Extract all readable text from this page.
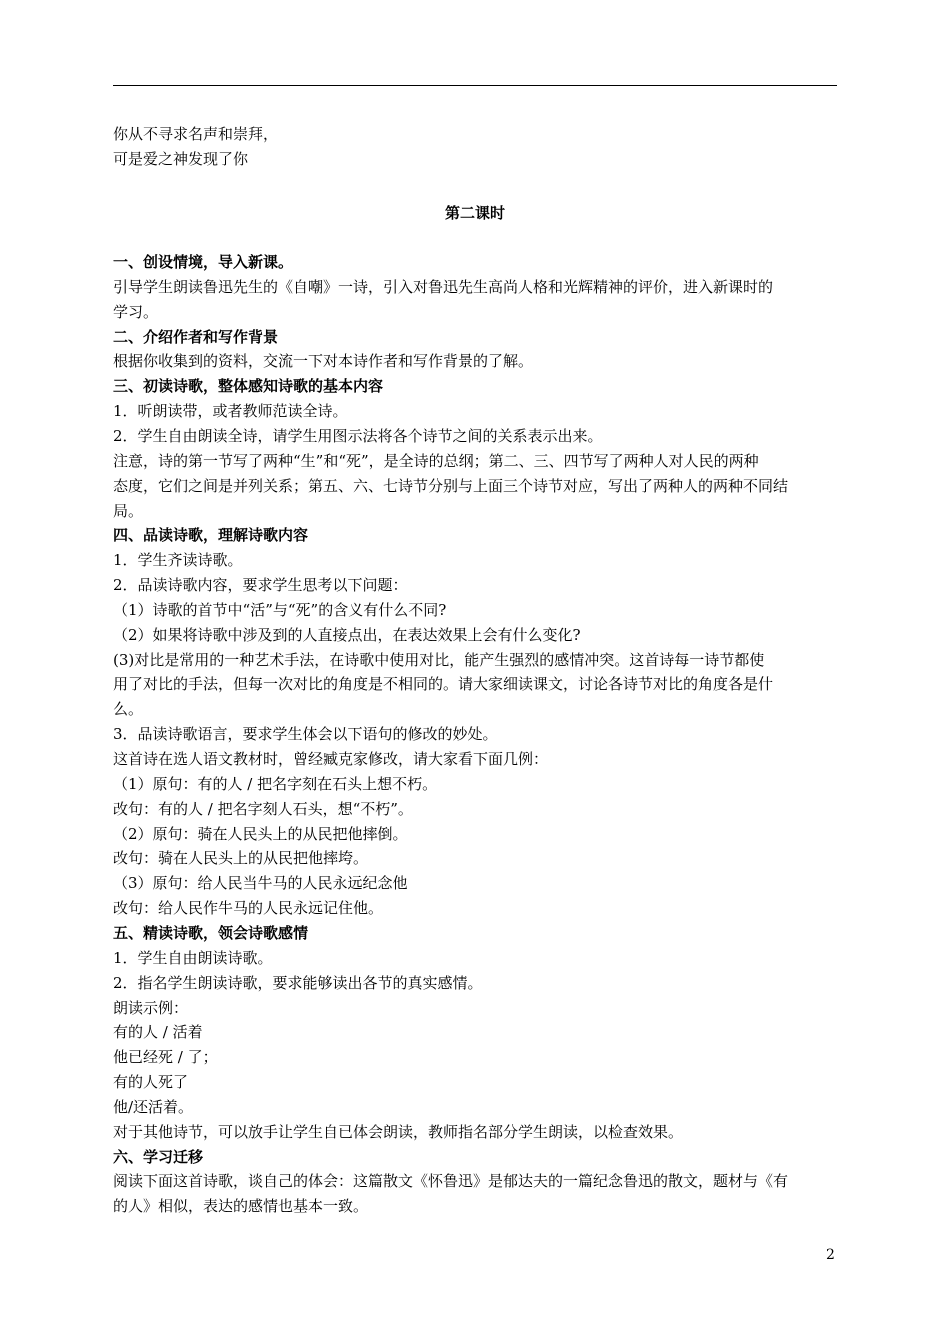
你从不寻求名声和崇拜，
可是爱之神发现了你
第二课时
一、创设情境，导入新课。
引导学生朗读鲁迅先生的《自嘲》一诗，引入对鲁迅先生高尚人格和光辉精神的评价，进入新课时的
学习。
二、介绍作者和写作背景
根据你收集到的资料，交流一下对本诗作者和写作背景的了解。
三、初读诗歌，整体感知诗歌的基本内容
1．听朗读带，或者教师范读全诗。
2．学生自由朗读全诗，请学生用图示法将各个诗节之间的关系表示出来。
注意，诗的第一节写了两种“生”和“死”，是全诗的总纲；第二、三、四节写了两种人对人民的两种
态度，它们之间是并列关系；第五、六、七诗节分别与上面三个诗节对应，写出了两种人的两种不同结
局。
四、品读诗歌，理解诗歌内容
1．学生齐读诗歌。
2．品读诗歌内容，要求学生思考以下问题：
（1）诗歌的首节中“活”与“死”的含义有什么不同?
（2）如果将诗歌中涉及到的人直接点出，在表达效果上会有什么变化?
(3)对比是常用的一种艺术手法，在诗歌中使用对比，能产生强烈的感情冲突。这首诗每一诗节都使
用了对比的手法，但每一次对比的角度是不相同的。请大家细读课文，讨论各诗节对比的角度各是什
么。
3．品读诗歌语言，要求学生体会以下语句的修改的妙处。
这首诗在选人语文教材时，曾经臧克家修改，请大家看下面几例：
（1）原句：有的人 / 把名字刻在石头上想不朽。
改句：有的人 / 把名字刻人石头，想“不朽”。
（2）原句：骑在人民头上的从民把他摔倒。
改句：骑在人民头上的从民把他摔垮。
（3）原句：给人民当牛马的人民永远纪念他
改句：给人民作牛马的人民永远记住他。
五、精读诗歌，领会诗歌感情
1．学生自由朗读诗歌。
2．指名学生朗读诗歌，要求能够读出各节的真实感情。
朗读示例：
有的人 / 活着
他已经死 / 了；
有的人死了
他/还活着。
对于其他诗节，可以放手让学生自已体会朗读，教师指名部分学生朗读，以检查效果。
六、学习迁移
阅读下面这首诗歌，谈自己的体会：这篇散文《怀鲁迅》是郁达夫的一篇纪念鲁迅的散文，题材与《有
的人》相似，表达的感情也基本一致。
2
